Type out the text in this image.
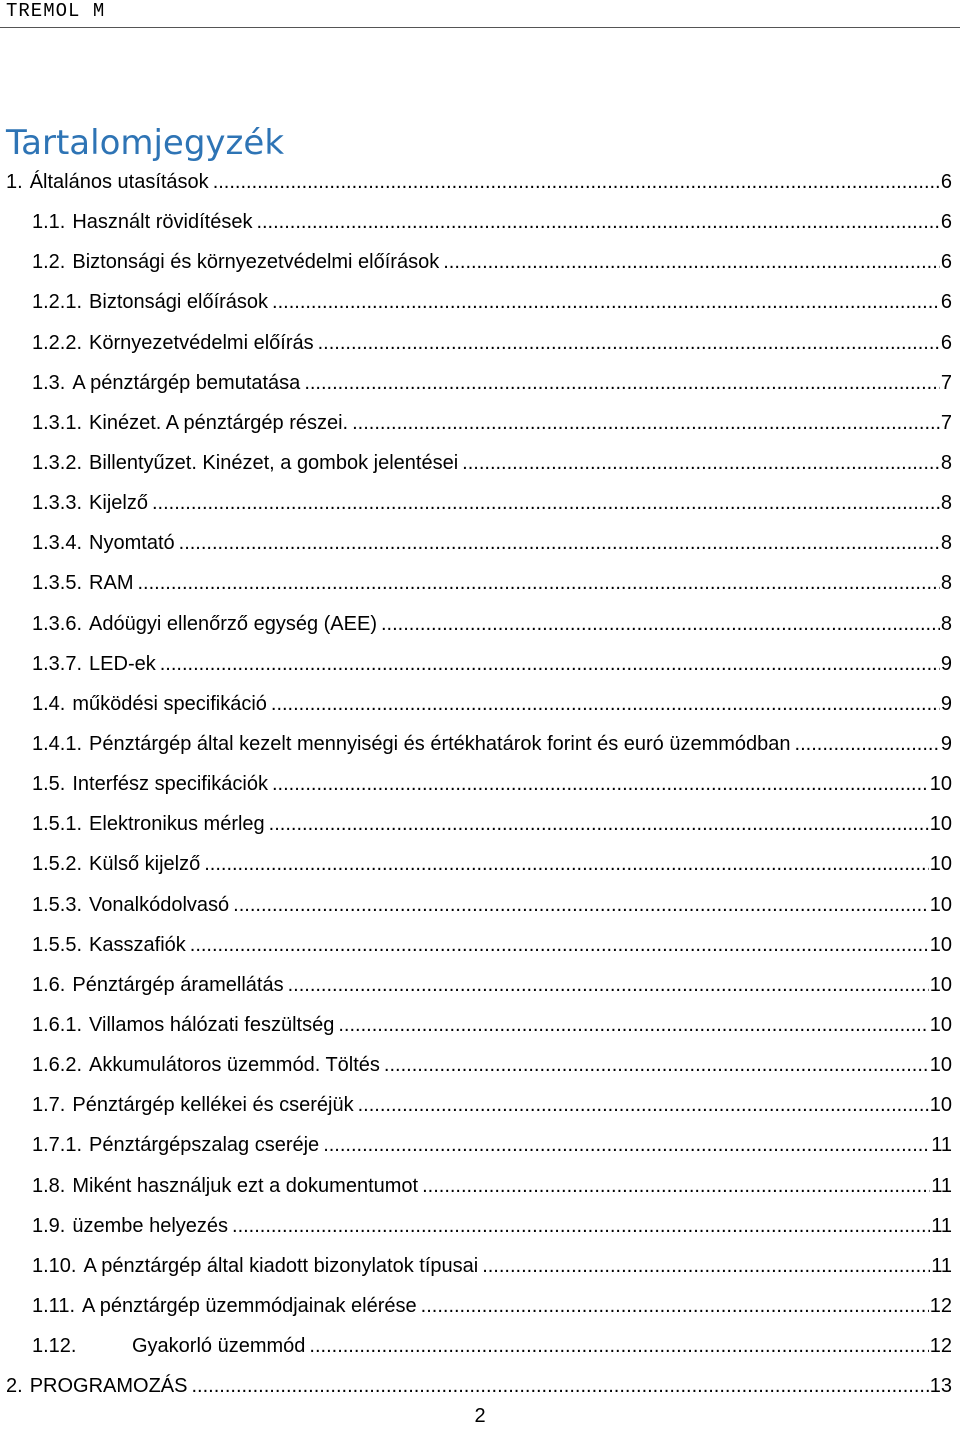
TREMOL M
Tartalomjegyzék
1. Általános utasítások .....	6
1.1. Használt rövidítések .....	6
1.2. Biztonsági és környezetvédelmi előírások .....	6
1.2.1. Biztonsági előírások .....	6
1.2.2. Környezetvédelmi előírás .....	6
1.3. A pénztárgép bemutatása .....	7
1.3.1. Kinézet. A pénztárgép részei. .....	7
1.3.2. Billentyűzet. Kinézet, a gombok jelentései .....	8
1.3.3. Kijelző .....	8
1.3.4. Nyomtató .....	8
1.3.5. RAM .....	8
1.3.6. Adóügyi ellenőrző egység (AEE) .....	8
1.3.7. LED-ek .....	9
1.4. működési specifikáció .....	9
1.4.1. Pénztárgép által kezelt mennyiségi és értékhatárok forint és euró üzemmódban .....	9
1.5. Interfész specifikációk .....	10
1.5.1. Elektronikus mérleg .....	10
1.5.2. Külső kijelző .....	10
1.5.3. Vonalkódolvasó .....	10
1.5.5. Kasszafiók .....	10
1.6. Pénztárgép áramellátás .....	10
1.6.1. Villamos hálózati feszültség .....	10
1.6.2. Akkumulátoros üzemmód. Töltés .....	10
1.7. Pénztárgép kellékei és cseréjük .....	10
1.7.1. Pénztárgépszalag cseréje .....	11
1.8. Miként használjuk ezt a dokumentumot .....	11
1.9. üzembe helyezés .....	11
1.10. A pénztárgép által kiadott bizonylatok típusai .....	11
1.11. A pénztárgép üzemmódjainak elérése .....	12
1.12.	Gyakorló üzemmód .....	12
2. PROGRAMOZÁS .....	13
2
